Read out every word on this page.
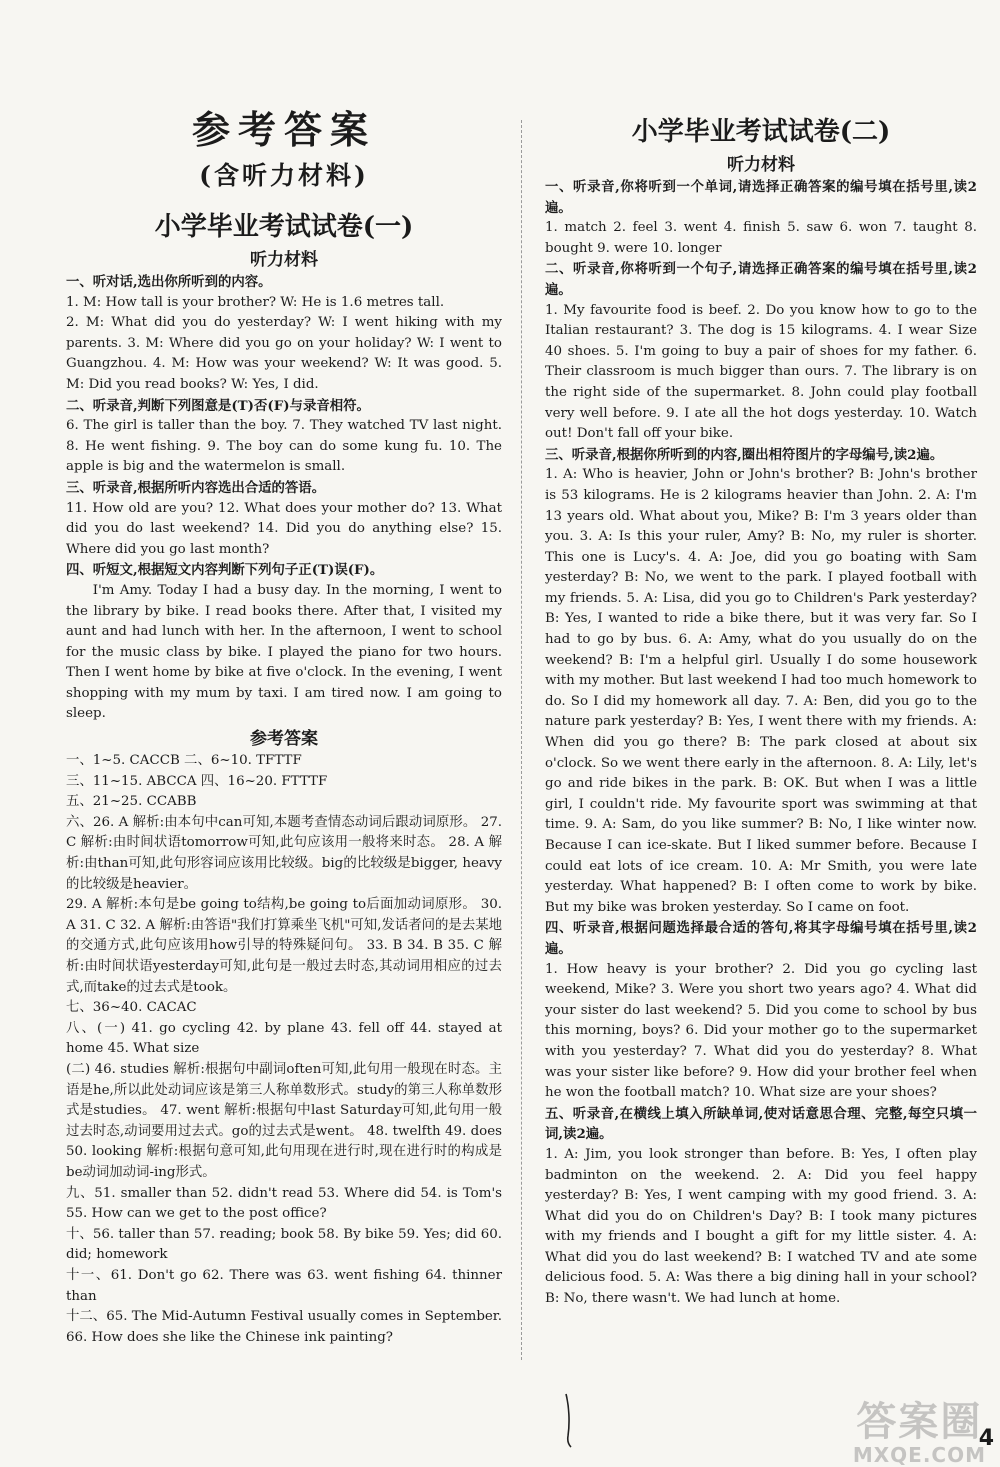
参考答案
(含听力材料)
小学毕业考试试卷(一)
听力材料

一、听对话,选出你所听到的内容。

1. M: How tall is your brother? W: He is 1.6 metres tall.

2. M: What did you do yesterday? W: I went hiking with my parents. 3. M: Where did you go on your holiday? W: I went to Guangzhou. 4. M: How was your weekend? W: It was good. 5. M: Did you read books? W: Yes, I did.

二、听录音,判断下列图意是(T)否(F)与录音相符。

6. The girl is taller than the boy. 7. They watched TV last night. 8. He went fishing. 9. The boy can do some kung fu. 10. The apple is big and the watermelon is small.

三、听录音,根据所听内容选出合适的答语。

11. How old are you? 12. What does your mother do? 13. What did you do last weekend? 14. Did you do anything else? 15. Where did you go last month?

四、听短文,根据短文内容判断下列句子正(T)误(F)。

I'm Amy. Today I had a busy day. In the morning, I went to the library by bike. I read books there. After that, I visited my aunt and had lunch with her. In the afternoon, I went to school for the music class by bike. I played the piano for two hours. Then I went home by bike at five o'clock. In the evening, I went shopping with my mum by taxi. I am tired now. I am going to sleep.

参考答案

一、1~5. CACCB 二、6~10. TFTTF

三、11~15. ABCCA 四、16~20. FTTTF

五、21~25. CCABB

六、26. A 解析:由本句中can可知,本题考查情态动词后跟动词原形。 27. C 解析:由时间状语tomorrow可知,此句应该用一般将来时态。 28. A 解析:由than可知,此句形容词应该用比较级。big的比较级是bigger, heavy的比较级是heavier。

29. A 解析:本句是be going to结构,be going to后面加动词原形。 30. A 31. C 32. A 解析:由答语"我们打算乘坐飞机"可知,发话者问的是去某地的交通方式,此句应该用how引导的特殊疑问句。 33. B 34. B 35. C 解析:由时间状语yesterday可知,此句是一般过去时态,其动词用相应的过去式,而take的过去式是took。

七、36~40. CACAC

八、(一) 41. go cycling 42. by plane 43. fell off 44. stayed at home 45. What size

(二) 46. studies 解析:根据句中副词often可知,此句用一般现在时态。主语是he,所以此处动词应该是第三人称单数形式。study的第三人称单数形式是studies。 47. went 解析:根据句中last Saturday可知,此句用一般过去时态,动词要用过去式。go的过去式是went。 48. twelfth 49. does 50. looking 解析:根据句意可知,此句用现在进行时,现在进行时的构成是be动词加动词-ing形式。

九、51. smaller than 52. didn't read 53. Where did 54. is Tom's 55. How can we get to the post office?

十、56. taller than 57. reading; book 58. By bike 59. Yes; did 60. did; homework

十一、61. Don't go 62. There was 63. went fishing 64. thinner than

十二、65. The Mid-Autumn Festival usually comes in September. 66. How does she like the Chinese ink painting?

小学毕业考试试卷(二)
听力材料

一、听录音,你将听到一个单词,请选择正确答案的编号填在括号里,读2遍。

1. match 2. feel 3. went 4. finish 5. saw 6. won 7. taught 8. bought 9. were 10. longer

二、听录音,你将听到一个句子,请选择正确答案的编号填在括号里,读2遍。

1. My favourite food is beef. 2. Do you know how to go to the Italian restaurant? 3. The dog is 15 kilograms. 4. I wear Size 40 shoes. 5. I'm going to buy a pair of shoes for my father. 6. Their classroom is much bigger than ours. 7. The library is on the right side of the supermarket. 8. John could play football very well before. 9. I ate all the hot dogs yesterday. 10. Watch out! Don't fall off your bike.

三、听录音,根据你所听到的内容,圈出相符图片的字母编号,读2遍。

1. A: Who is heavier, John or John's brother? B: John's brother is 53 kilograms. He is 2 kilograms heavier than John. 2. A: I'm 13 years old. What about you, Mike? B: I'm 3 years older than you. 3. A: Is this your ruler, Amy? B: No, my ruler is shorter. This one is Lucy's. 4. A: Joe, did you go boating with Sam yesterday? B: No, we went to the park. I played football with my friends. 5. A: Lisa, did you go to Children's Park yesterday? B: Yes, I wanted to ride a bike there, but it was very far. So I had to go by bus. 6. A: Amy, what do you usually do on the weekend? B: I'm a helpful girl. Usually I do some housework with my mother. But last weekend I had too much homework to do. So I did my homework all day. 7. A: Ben, did you go to the nature park yesterday? B: Yes, I went there with my friends. A: When did you go there? B: The park closed at about six o'clock. So we went there early in the afternoon. 8. A: Lily, let's go and ride bikes in the park. B: OK. But when I was a little girl, I couldn't ride. My favourite sport was swimming at that time. 9. A: Sam, do you like summer? B: No, I like winter now. Because I can ice-skate. But I liked summer before. Because I could eat lots of ice cream. 10. A: Mr Smith, you were late yesterday. What happened? B: I often come to work by bike. But my bike was broken yesterday. So I came on foot.

四、听录音,根据问题选择最合适的答句,将其字母编号填在括号里,读2遍。

1. How heavy is your brother? 2. Did you go cycling last weekend, Mike? 3. Were you short two years ago? 4. What did your sister do last weekend? 5. Did you come to school by bus this morning, boys? 6. Did your mother go to the supermarket with you yesterday? 7. What did you do yesterday? 8. What was your sister like before? 9. How did your brother feel when he won the football match? 10. What size are your shoes?

五、听录音,在横线上填入所缺单词,使对话意思合理、完整,每空只填一词,读2遍。

1. A: Jim, you look stronger than before. B: Yes, I often play badminton on the weekend. 2. A: Did you feel happy yesterday? B: Yes, I went camping with my good friend. 3. A: What did you do on Children's Day? B: I took many pictures with my friends and I bought a gift for my little sister. 4. A: What did you do last weekend? B: I watched TV and ate some delicious food. 5. A: Was there a big dining hall in your school? B: No, there wasn't. We had lunch at home.

答案圈
MXQE.COM
4
